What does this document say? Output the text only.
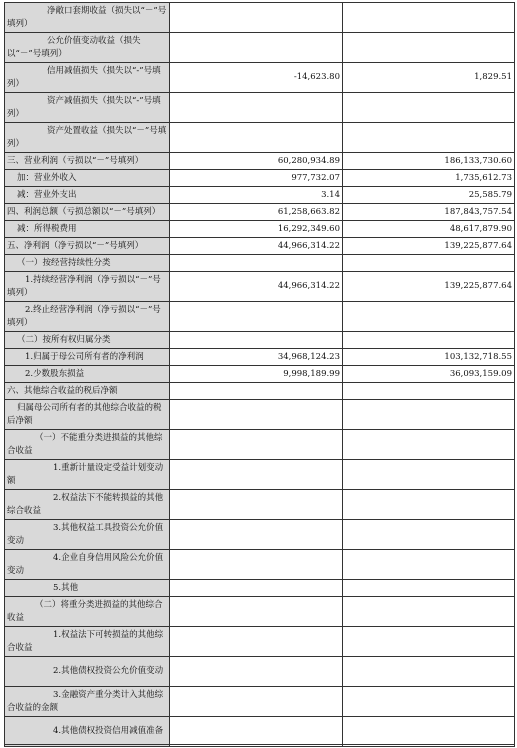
净敞口套期收益（损失以“－”号填列）		
公允价值变动收益（损失以“－”号填列）		
信用减值损失（损失以“-”号填列）	-14,623.80	1,829.51
资产减值损失（损失以“-”号填列）		
资产处置收益（损失以“－”号填列）		
三、营业利润（亏损以“－”号填列）	60,280,934.89	186,133,730.60
加：营业外收入	977,732.07	1,735,612.73
减：营业外支出	3.14	25,585.79
四、利润总额（亏损总额以“－”号填列）	61,258,663.82	187,843,757.54
减：所得税费用	16,292,349.60	48,617,879.90
五、净利润（净亏损以“－”号填列）	44,966,314.22	139,225,877.64
（一）按经营持续性分类		
1.持续经营净利润（净亏损以“－”号填列）	44,966,314.22	139,225,877.64
2.终止经营净利润（净亏损以“－”号填列）		
（二）按所有权归属分类		
1.归属于母公司所有者的净利润	34,968,124.23	103,132,718.55
2.少数股东损益	9,998,189.99	36,093,159.09
六、其他综合收益的税后净额		
归属母公司所有者的其他综合收益的税后净额		
（一）不能重分类进损益的其他综合收益		
1.重新计量设定受益计划变动额		
2.权益法下不能转损益的其他综合收益		
3.其他权益工具投资公允价值变动		
4.企业自身信用风险公允价值变动		
5.其他		
（二）将重分类进损益的其他综合收益		
1.权益法下可转损益的其他综合收益		
2.其他债权投资公允价值变动		
3.金融资产重分类计入其他综合收益的金额		
4.其他债权投资信用减值准备		
